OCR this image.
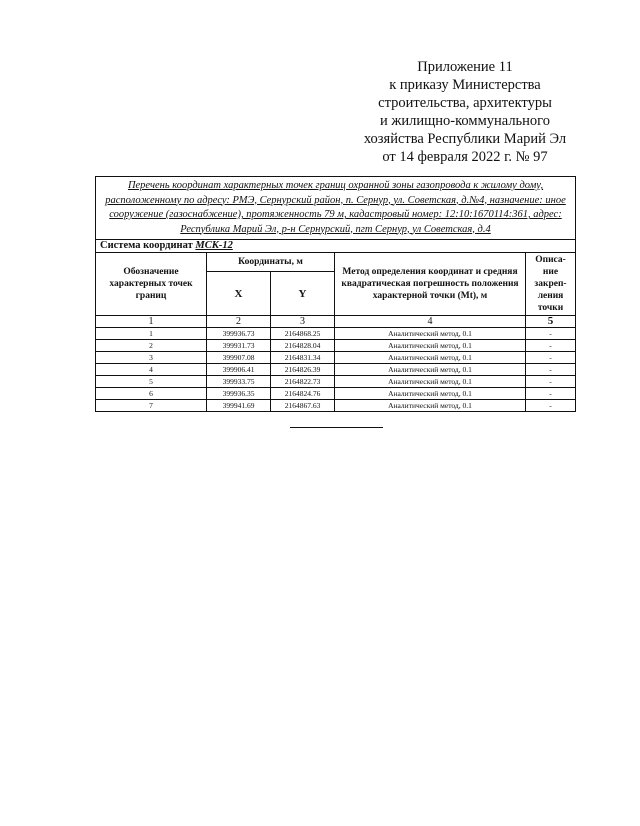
Приложение 11
к приказу Министерства
строительства, архитектуры
и жилищно-коммунального
хозяйства Республики Марий Эл
от 14 февраля 2022 г. № 97
Перечень координат характерных точек границ охранной зоны газопровода к жилому дому, расположенному по адресу: РМЭ, Сернурский район, п. Сернур, ул. Советская, д.№4, назначение: иное сооружение (газоснабжение), протяженность 79 м, кадастровый номер: 12:10:1670114:361, адрес: Республика Марий Эл, р-н Сернурский, пгт Сернур, ул Советская, д.4				
Система координат МСК-12				
Обозначение характерных точек границ	Координаты, м		Метод определения координат и средняя квадратическая погрешность положения характерной точки (Mt), м	Описа-ние закреп-ления точки
	X	Y		
1	2	3	4	5
1	399936.73	2164868.25	Аналитический метод, 0.1	-
2	399931.73	2164828.04	Аналитический метод, 0.1	-
3	399907.08	2164831.34	Аналитический метод, 0.1	-
4	399906.41	2164826.39	Аналитический метод, 0.1	-
5	399933.75	2164822.73	Аналитический метод, 0.1	-
6	399936.35	2164824.76	Аналитический метод, 0.1	-
7	399941.69	2164867.63	Аналитический метод, 0.1	-
